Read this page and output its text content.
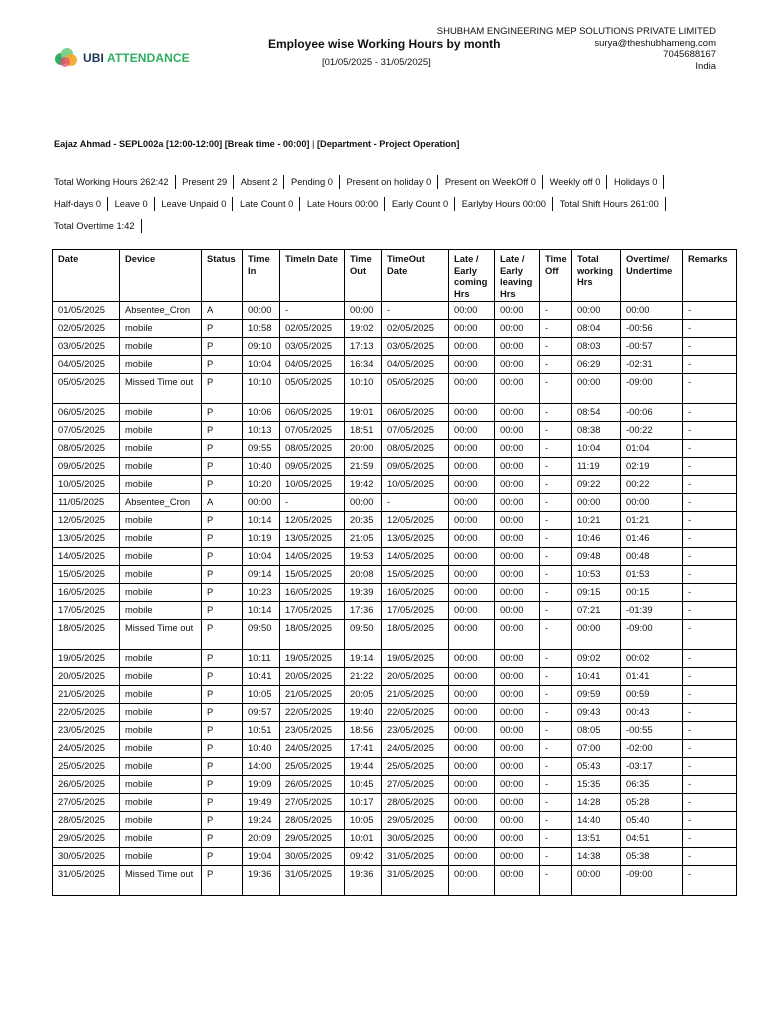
UBI ATTENDANCE
Employee wise Working Hours by month
[01/05/2025 - 31/05/2025]
SHUBHAM ENGINEERING MEP SOLUTIONS PRIVATE LIMITED
surya@theshubhameng.com
7045688167
India
Eajaz Ahmad - SEPL002a [12:00-12:00] [Break time - 00:00] | [Department - Project Operation]
Total Working Hours 262:42 Present 29 Absent 2 Pending 0 Present on holiday 0 Present on WeekOff 0 Weekly off 0 Holidays 0 Half-days 0 Leave 0 Leave Unpaid 0 Late Count 0 Late Hours 00:00 Early Count 0 Earlyby Hours 00:00 Total Shift Hours 261:00 Total Overtime 1:42
Date	Device	Status	Time In	TimeIn Date	Time Out	TimeOut Date	Late / Early coming Hrs	Late / Early leaving Hrs	Time Off	Total working Hrs	Overtime/ Undertime	Remarks
01/05/2025	Absentee_Cron	A	00:00	-	00:00	-	00:00	00:00	-	00:00	00:00	-
02/05/2025	mobile	P	10:58	02/05/2025	19:02	02/05/2025	00:00	00:00	-	08:04	-00:56	-
03/05/2025	mobile	P	09:10	03/05/2025	17:13	03/05/2025	00:00	00:00	-	08:03	-00:57	-
04/05/2025	mobile	P	10:04	04/05/2025	16:34	04/05/2025	00:00	00:00	-	06:29	-02:31	-
05/05/2025	Missed Time out	P	10:10	05/05/2025	10:10	05/05/2025	00:00	00:00	-	00:00	-09:00	-
06/05/2025	mobile	P	10:06	06/05/2025	19:01	06/05/2025	00:00	00:00	-	08:54	-00:06	-
07/05/2025	mobile	P	10:13	07/05/2025	18:51	07/05/2025	00:00	00:00	-	08:38	-00:22	-
08/05/2025	mobile	P	09:55	08/05/2025	20:00	08/05/2025	00:00	00:00	-	10:04	01:04	-
09/05/2025	mobile	P	10:40	09/05/2025	21:59	09/05/2025	00:00	00:00	-	11:19	02:19	-
10/05/2025	mobile	P	10:20	10/05/2025	19:42	10/05/2025	00:00	00:00	-	09:22	00:22	-
11/05/2025	Absentee_Cron	A	00:00	-	00:00	-	00:00	00:00	-	00:00	00:00	-
12/05/2025	mobile	P	10:14	12/05/2025	20:35	12/05/2025	00:00	00:00	-	10:21	01:21	-
13/05/2025	mobile	P	10:19	13/05/2025	21:05	13/05/2025	00:00	00:00	-	10:46	01:46	-
14/05/2025	mobile	P	10:04	14/05/2025	19:53	14/05/2025	00:00	00:00	-	09:48	00:48	-
15/05/2025	mobile	P	09:14	15/05/2025	20:08	15/05/2025	00:00	00:00	-	10:53	01:53	-
16/05/2025	mobile	P	10:23	16/05/2025	19:39	16/05/2025	00:00	00:00	-	09:15	00:15	-
17/05/2025	mobile	P	10:14	17/05/2025	17:36	17/05/2025	00:00	00:00	-	07:21	-01:39	-
18/05/2025	Missed Time out	P	09:50	18/05/2025	09:50	18/05/2025	00:00	00:00	-	00:00	-09:00	-
19/05/2025	mobile	P	10:11	19/05/2025	19:14	19/05/2025	00:00	00:00	-	09:02	00:02	-
20/05/2025	mobile	P	10:41	20/05/2025	21:22	20/05/2025	00:00	00:00	-	10:41	01:41	-
21/05/2025	mobile	P	10:05	21/05/2025	20:05	21/05/2025	00:00	00:00	-	09:59	00:59	-
22/05/2025	mobile	P	09:57	22/05/2025	19:40	22/05/2025	00:00	00:00	-	09:43	00:43	-
23/05/2025	mobile	P	10:51	23/05/2025	18:56	23/05/2025	00:00	00:00	-	08:05	-00:55	-
24/05/2025	mobile	P	10:40	24/05/2025	17:41	24/05/2025	00:00	00:00	-	07:00	-02:00	-
25/05/2025	mobile	P	14:00	25/05/2025	19:44	25/05/2025	00:00	00:00	-	05:43	-03:17	-
26/05/2025	mobile	P	19:09	26/05/2025	10:45	27/05/2025	00:00	00:00	-	15:35	06:35	-
27/05/2025	mobile	P	19:49	27/05/2025	10:17	28/05/2025	00:00	00:00	-	14:28	05:28	-
28/05/2025	mobile	P	19:24	28/05/2025	10:05	29/05/2025	00:00	00:00	-	14:40	05:40	-
29/05/2025	mobile	P	20:09	29/05/2025	10:01	30/05/2025	00:00	00:00	-	13:51	04:51	-
30/05/2025	mobile	P	19:04	30/05/2025	09:42	31/05/2025	00:00	00:00	-	14:38	05:38	-
31/05/2025	Missed Time out	P	19:36	31/05/2025	19:36	31/05/2025	00:00	00:00	-	00:00	-09:00	-
